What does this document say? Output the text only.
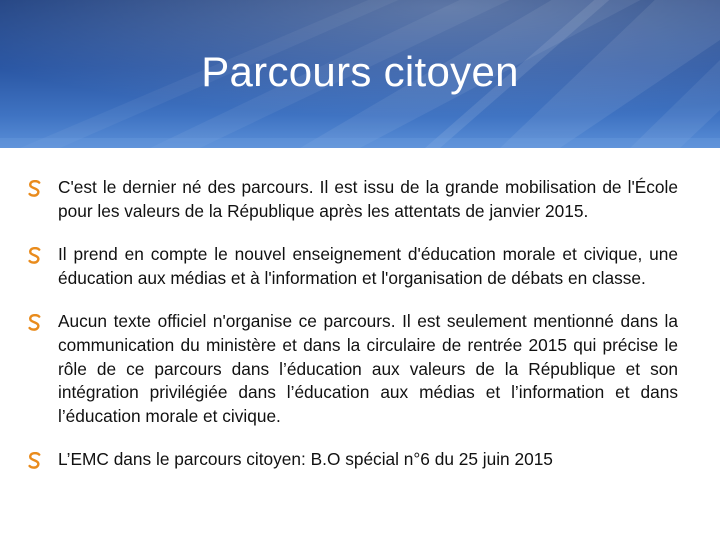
Parcours citoyen
C'est le dernier né des parcours. Il est issu de la grande mobilisation de l'École pour les valeurs de la République après les attentats de janvier 2015.
Il prend en compte le nouvel enseignement d'éducation morale et civique, une éducation aux médias et à l'information et l'organisation de débats en classe.
Aucun texte officiel n'organise ce parcours. Il est seulement mentionné dans la communication du ministère et dans la circulaire de rentrée 2015 qui précise le rôle de ce parcours dans l’éducation aux valeurs de la République et son intégration privilégiée dans l’éducation aux médias et l’information et dans l’éducation morale et civique.
L’EMC dans le parcours citoyen: B.O spécial n°6 du 25 juin 2015
